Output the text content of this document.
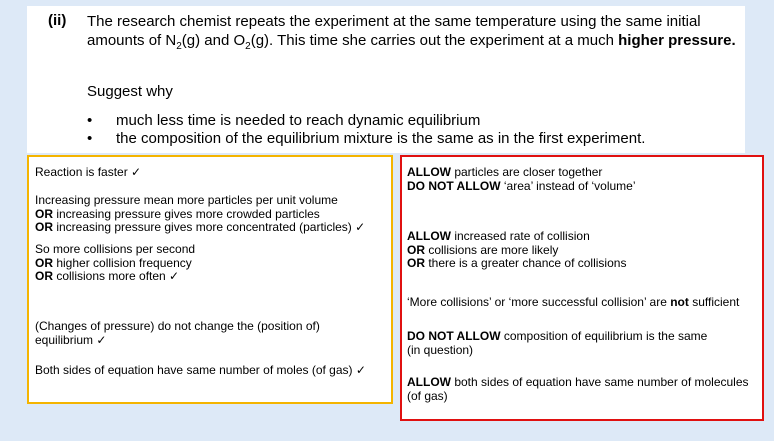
(ii) The research chemist repeats the experiment at the same temperature using the same initial amounts of $N_2(g)$ and $O_2(g)$. This time she carries out the experiment at a much higher pressure.
Suggest why
• much less time is needed to reach dynamic equilibrium
• the composition of the equilibrium mixture is the same as in the first experiment.
Reaction is faster ✓
Increasing pressure mean more particles per unit volume
OR increasing pressure gives more crowded particles
OR increasing pressure gives more concentrated (particles) ✓
So more collisions per second
OR higher collision frequency
OR collisions more often ✓
(Changes of pressure) do not change the (position of)
equilibrium ✓
Both sides of equation have same number of moles (of gas) ✓
ALLOW particles are closer together
DO NOT ALLOW ‘area’ instead of ‘volume’
ALLOW increased rate of collision
OR collisions are more likely
OR there is a greater chance of collisions
‘More collisions’ or ‘more successful collision’ are not sufficient
DO NOT ALLOW composition of equilibrium is the same
(in question)
ALLOW both sides of equation have same number of molecules
(of gas)
